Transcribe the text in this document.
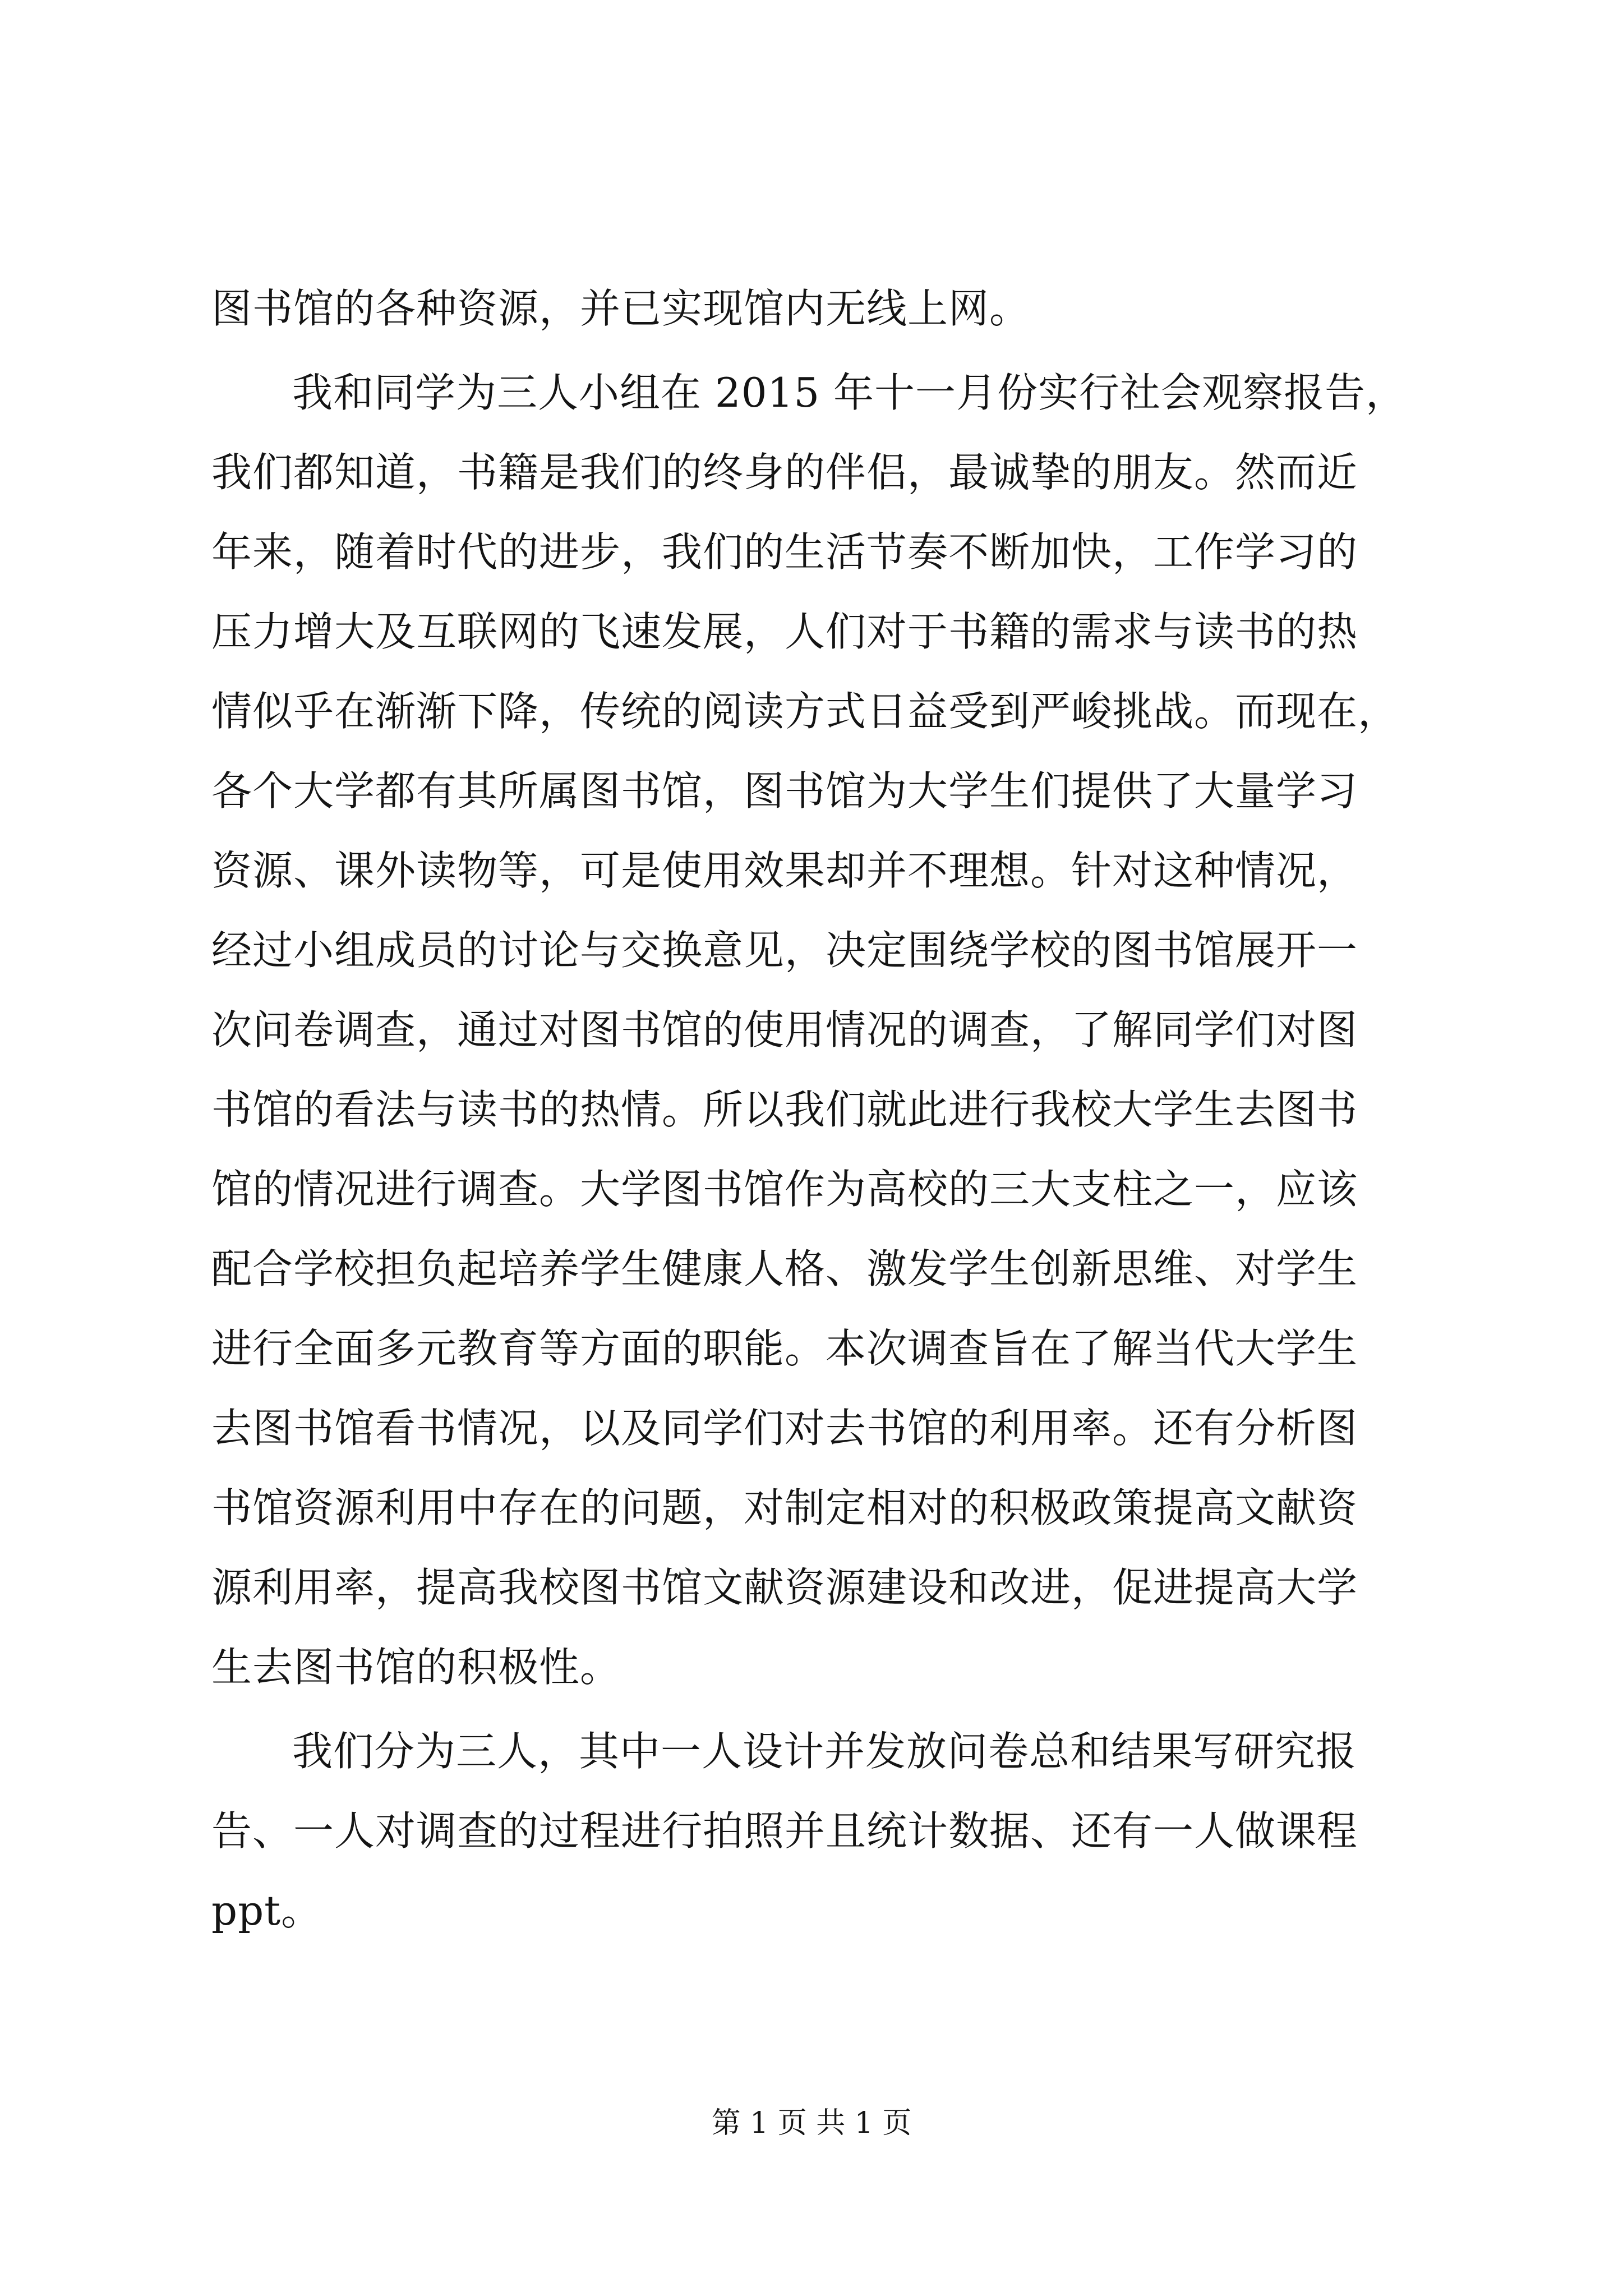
图书馆的各种资源，并已实现馆内无线上网。
我和同学为三人小组在 2015 年十一月份实行社会观察报告，
我们都知道，书籍是我们的终身的伴侣，最诚挚的朋友。然而近
年来，随着时代的进步，我们的生活节奏不断加快，工作学习的
压力增大及互联网的飞速发展，人们对于书籍的需求与读书的热
情似乎在渐渐下降，传统的阅读方式日益受到严峻挑战。而现在，
各个大学都有其所属图书馆，图书馆为大学生们提供了大量学习
资源、课外读物等，可是使用效果却并不理想。针对这种情况，
经过小组成员的讨论与交换意见，决定围绕学校的图书馆展开一
次问卷调查，通过对图书馆的使用情况的调查，了解同学们对图
书馆的看法与读书的热情。所以我们就此进行我校大学生去图书
馆的情况进行调查。大学图书馆作为高校的三大支柱之一，应该
配合学校担负起培养学生健康人格、激发学生创新思维、对学生
进行全面多元教育等方面的职能。本次调查旨在了解当代大学生
去图书馆看书情况，以及同学们对去书馆的利用率。还有分析图
书馆资源利用中存在的问题，对制定相对的积极政策提高文献资
源利用率，提高我校图书馆文献资源建设和改进，促进提高大学
生去图书馆的积极性。
我们分为三人，其中一人设计并发放问卷总和结果写研究报
告、一人对调查的过程进行拍照并且统计数据、还有一人做课程
ppt。
第 1 页 共 1 页
